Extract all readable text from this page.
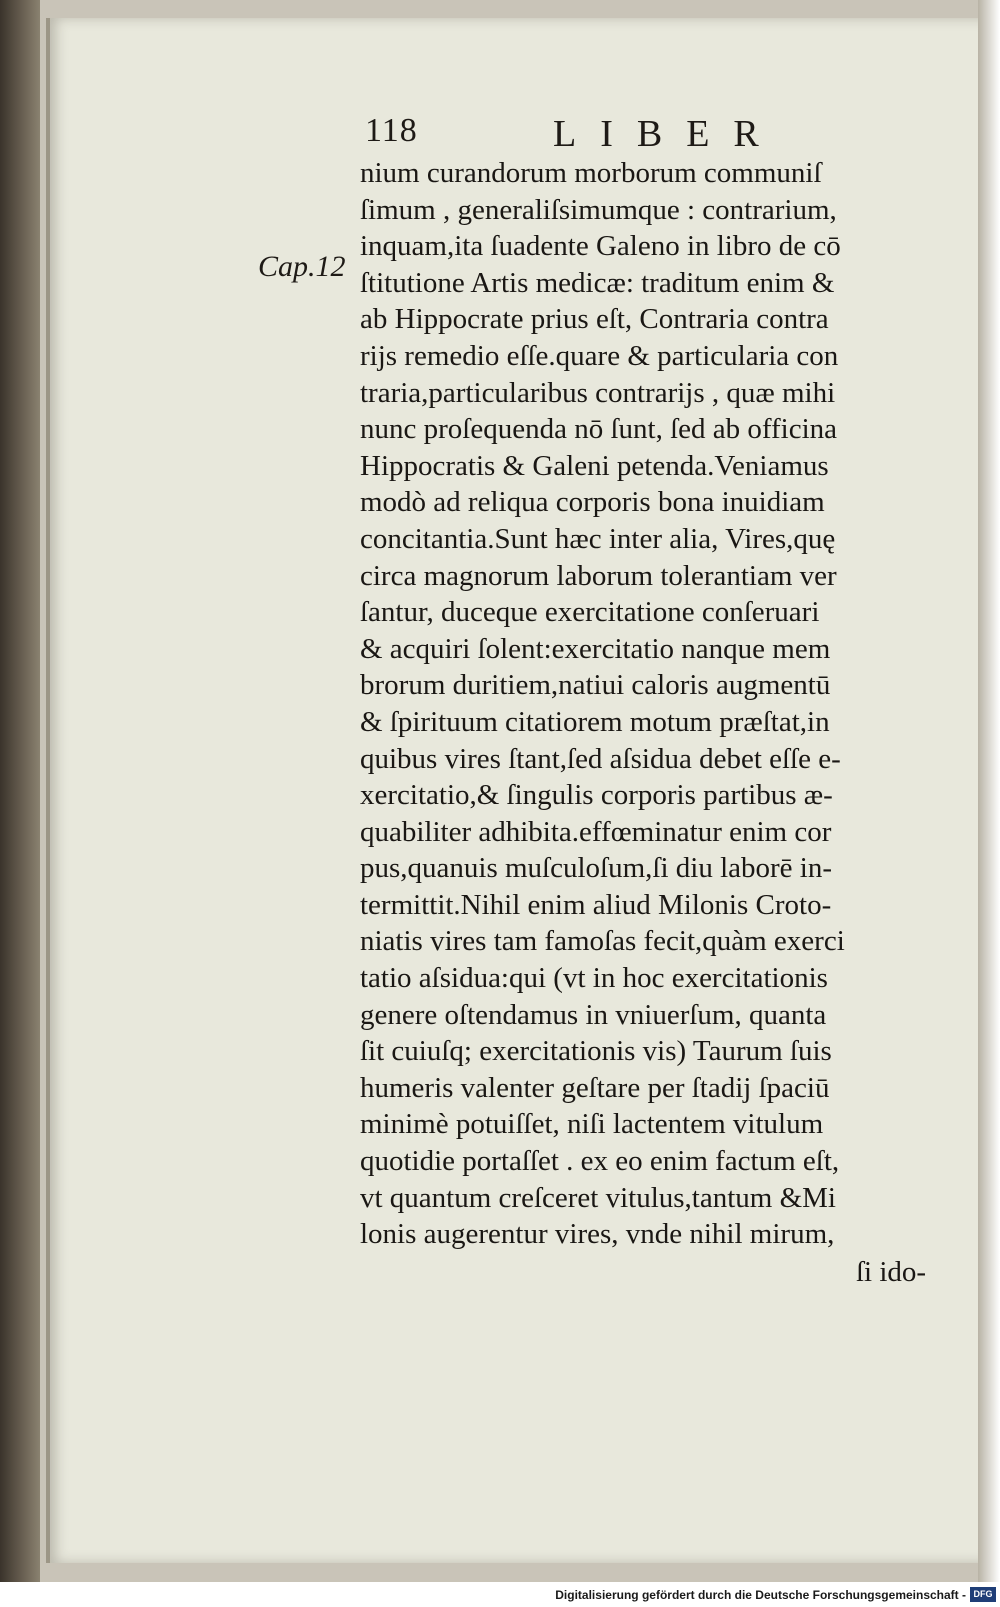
118	LIBER
Cap.12
nium curandorum morborum communiſ
ſimum , generaliſsimumque : contrarium,
inquam,ita ſuadente Galeno in libro de cō
ſtitutione Artis medicæ: traditum enim &
ab Hippocrate prius eſt, Contraria contra
rijs remedio eſſe.quare & particularia con
traria,particularibus contrarijs , quæ mihi
nunc proſequenda nō ſunt, ſed ab officina
Hippocratis & Galeni petenda.Veniamus
modò ad reliqua corporis bona inuidiam
concitantia.Sunt hæc inter alia, Vires,quę
circa magnorum laborum tolerantiam ver
ſantur, duceque exercitatione conſeruari
& acquiri ſolent:exercitatio nanque mem
brorum duritiem,natiui caloris augmentū
& ſpirituum citatiorem motum præſtat,in
quibus vires ſtant,ſed aſsidua debet eſſe e-
xercitatio,& ſingulis corporis partibus æ-
quabiliter adhibita.effœminatur enim cor
pus,quanuis muſculoſum,ſi diu laborē in-
termittit.Nihil enim aliud Milonis Croto-
niatis vires tam famoſas fecit,quàm exerci
tatio aſsidua:qui (vt in hoc exercitationis
genere oſtendamus in vniuerſum, quanta
ſit cuiuſq; exercitationis vis) Taurum ſuis
humeris valenter geſtare per ſtadij ſpaciū
minimè potuiſſet, niſi lactentem vitulum
quotidie portaſſet . ex eo enim factum eſt,
vt quantum creſceret vitulus,tantum &Mi
lonis augerentur vires, vnde nihil mirum,
ſi ido-
Digitalisierung gefördert durch die Deutsche Forschungsgemeinschaft - DFG
